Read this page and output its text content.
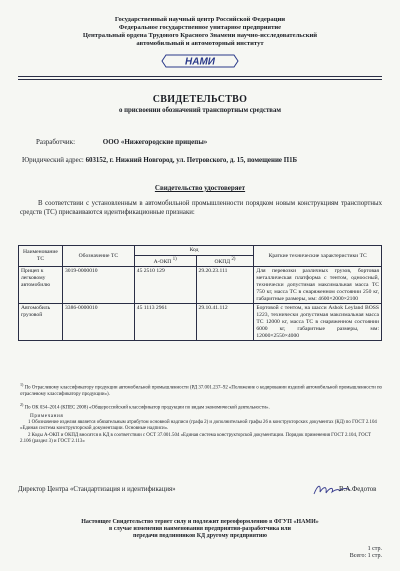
Государственный научный центр Российской Федерации
Федеральное государственное унитарное предприятие
Центральный ордена Трудового Красного Знамени научно-исследовательский
автомобильный и автомоторный институт
НАМИ
СВИДЕТЕЛЬСТВО
о присвоении обозначений транспортным средствам
Разработчик:	ООО «Нижегородские прицепы»
Юридический адрес: 603152, г. Нижний Новгород, ул. Петровского, д. 15, помещение П1Б
Свидетельство удостоверяет
В соответствии с установленным в автомобильной промышленности порядком новым конструкциям транспортных средств (ТС) присваиваются идентификационные признаки:
Наименование ТС	Обозначение ТС	Код		Краткие технические характеристики ТС
		А-ОКП $^{1)}$	ОКПД $^{2)}$
Прицеп к легковому автомобилю	3019-0000010	45 2510 129	29.20.23.111	Для перевозки различных грузов, бортовая металлическая платформа с тентом, одноосный, технически допустимая максимальная масса ТС 750 кг, масса ТС в снаряженном состоянии 250 кг, габаритные размеры, мм: 4600×2000×2100
Автомобиль грузовой	3386-0000010	45 1113 2961	29.10.41.112	Бортовой с тентом, на шасси Ashok Leyland BOSS 1223, технически допустимая максимальная масса ТС 12000 кг, масса ТС в снаряженном состоянии 6000 кг, габаритные размеры, мм: 12000×2550×4000
$^{1)}$ По Отраслевому классификатору продукции автомобильной промышленности (РД 37.001.237–92 «Положение о кодировании изделий автомобильной промышленности по отраслевому классификатору продукции»).
$^{2)}$ По ОК 034–2014 (КПЕС 2008) «Общероссийский классификатор продукции по видам экономической деятельности».
Примечания
1 Обозначение изделия является обязательным атрибутом основной надписи (графа 2) и дополнительной графы 26 в конструкторских документах (КД) по ГОСТ 2.104 «Единая система конструкторской документации. Основные надписи».
2 Коды А-ОКП и ОКПД вносятся в КД в соответствии с ОСТ 37.001.504 «Единая система конструкторской документации. Порядок применения ГОСТ 2.104, ГОСТ 2.106 (раздел 3) и ГОСТ 2.113»
Директор Центра «Стандартизация и идентификация»	В.А.Федотов
Настоящее Свидетельство теряет силу и подлежит переоформлению в ФГУП «НАМИ»
в случае изменения наименования предприятия-разработчика или
передачи подлинников КД другому предприятию
1 стр.
Всего: 1 стр.
